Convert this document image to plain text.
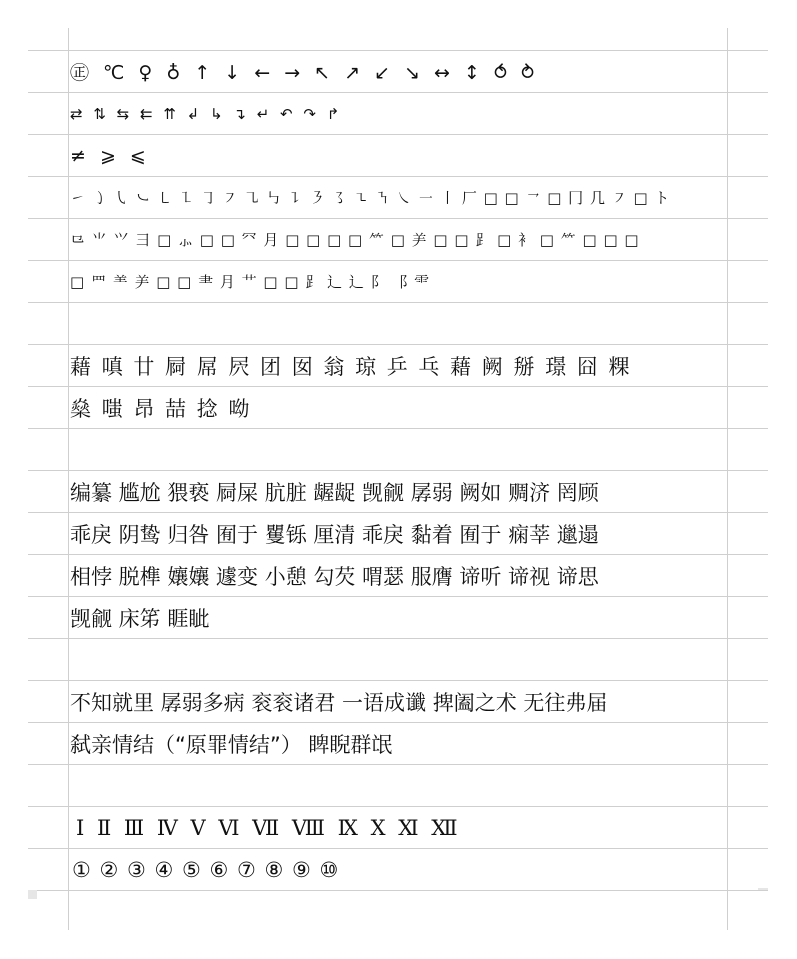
㊣ ℃ ♀ ♁ ↑ ↓ ← → ↖ ↗ ↙ ↘ ↔ ↕ ⥀ ⥁
⇄ ⇅ ⇆ ⇇ ⇈ ↲ ↳ ↴ ↵ ↶ ↷ ↱
≠ ⩾ ⩽
㇀ ㇁ ㇂ ㇃ ㇄ ㇅ ㇆ ㇇ ㇈ ㇉ ㇊ ㇋ ㇌ ㇍ ㇎ ㇏ ㇐ ㇑ 厂 □ □ ㇖ □ 冂 几 ㇇ □ ト
⺋ ⺌ ⺍ ⺕ □ ⺗ □ □ ⺳ 月 □ □ □ □ ⺮ □ ⺶ □ □ ⻊ □ ⻂ □ ⺮ □ □ □
□ ⺲ ⺷ ⺶ □ □ ⺻ 月 ⺾ □ □ ⻊ 辶 ⻌ 阝 ⻏ ⻗
藉 嗔 廿 屙 屌 屄 团 囡 翁 琼 乒 乓 藉 阙 掰 璟 囧 粿
燊 嗤 昂 喆 捻 呦
编纂 尴尬 猥亵 屙屎 肮脏 龌龊 觊觎 孱弱 阙如 赒济 罔顾
乖戾 阴鸷 归咎 囿于 矍铄 厘清 乖戾 黏着 囿于 痫莘 邋遢
相悖 脱榫 孃孃 遽变 小憩 勾芡 喟瑟 服膺 谛听 谛视 谛思
觊觎 床笫 睚眦
不知就里 孱弱多病 衮衮诸君 一语成谶 捭阖之术 无往弗届
弑亲情结（“原罪情结”） 睥睨群氓
Ⅰ Ⅱ Ⅲ Ⅳ Ⅴ Ⅵ Ⅶ Ⅷ Ⅸ Ⅹ Ⅺ Ⅻ
① ② ③ ④ ⑤ ⑥ ⑦ ⑧ ⑨ ⑩
